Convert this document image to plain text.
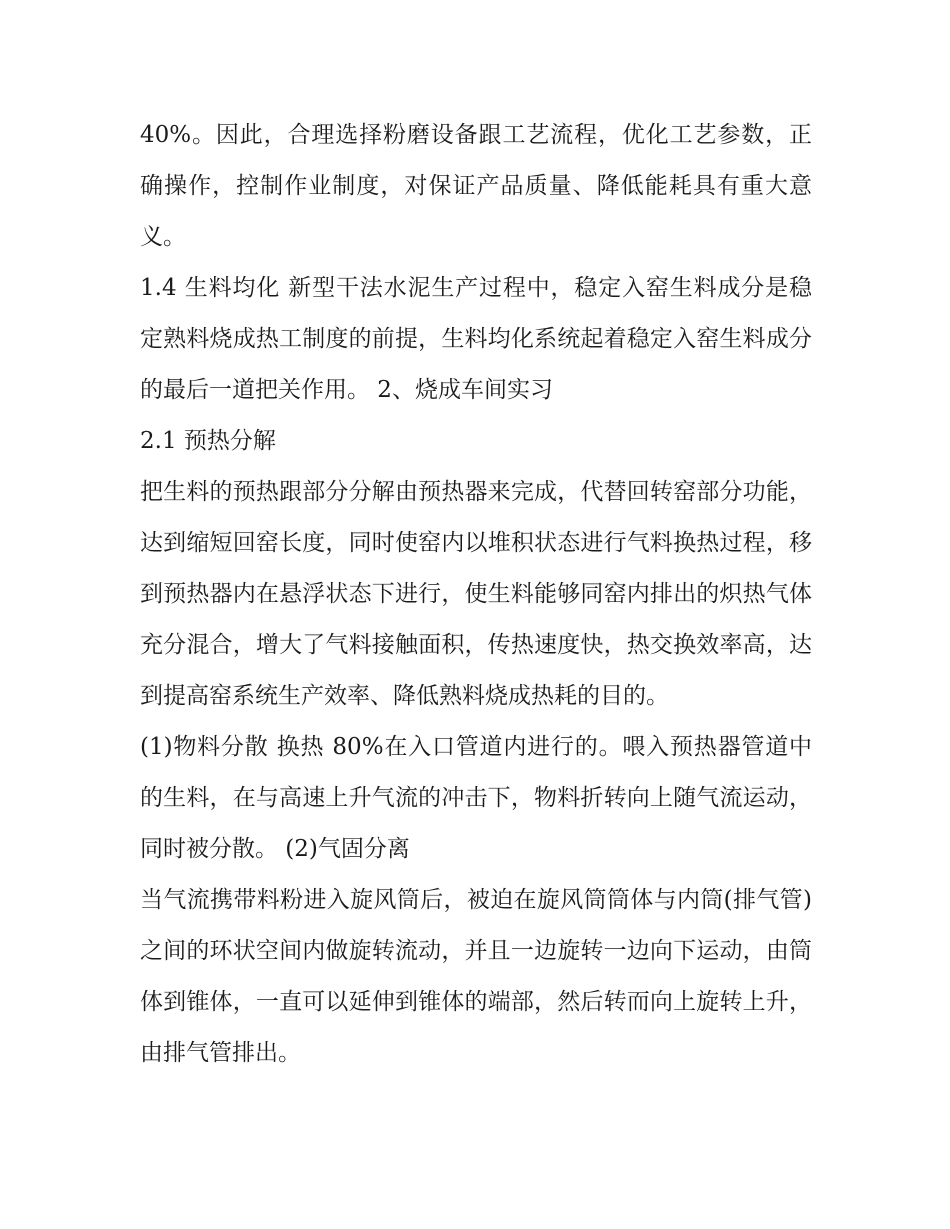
40%。因此，合理选择粉磨设备跟工艺流程，优化工艺参数，正确操作，控制作业制度，对保证产品质量、降低能耗具有重大意义。

1.4 生料均化 新型干法水泥生产过程中，稳定入窑生料成分是稳定熟料烧成热工制度的前提，生料均化系统起着稳定入窑生料成分的最后一道把关作用。 2、烧成车间实习

2.1 预热分解

把生料的预热跟部分分解由预热器来完成，代替回转窑部分功能，达到缩短回窑长度，同时使窑内以堆积状态进行气料换热过程，移到预热器内在悬浮状态下进行，使生料能够同窑内排出的炽热气体充分混合，增大了气料接触面积，传热速度快，热交换效率高，达到提高窑系统生产效率、降低熟料烧成热耗的目的。

(1)物料分散 换热 80%在入口管道内进行的。喂入预热器管道中的生料，在与高速上升气流的冲击下，物料折转向上随气流运动，同时被分散。 (2)气固分离

当气流携带料粉进入旋风筒后，被迫在旋风筒筒体与内筒(排气管)之间的环状空间内做旋转流动，并且一边旋转一边向下运动，由筒体到锥体，一直可以延伸到锥体的端部，然后转而向上旋转上升，由排气管排出。
